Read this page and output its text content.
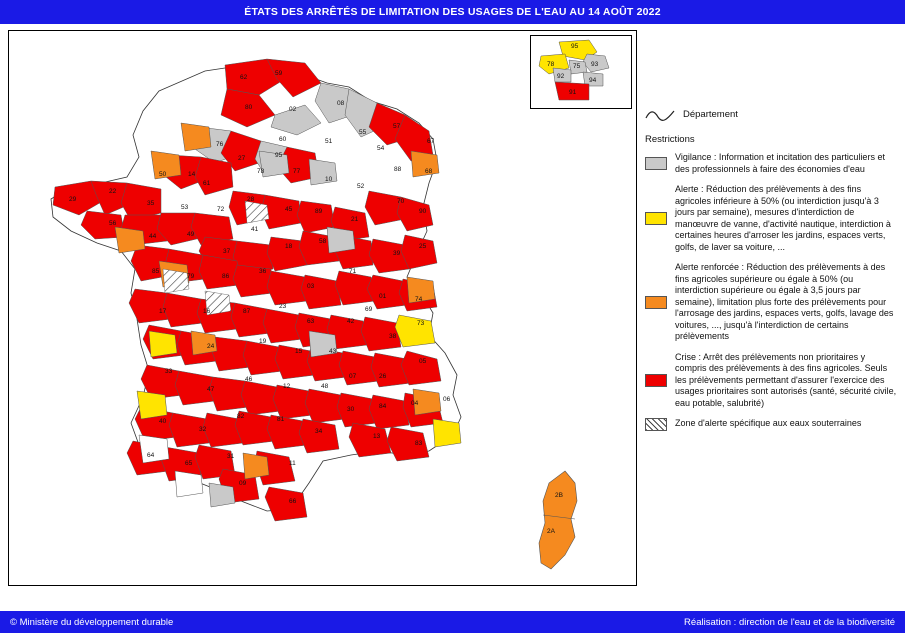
ÉTATS DES ARRÊTÉS DE LIMITATION DES USAGES DE L'EAU AU 14 AOÛT 2022
62
59
80	02
08
76
60	51
55
57
67
95
27
14
50
61
78	77
10
52
88	68
54
22
29
35
53	72
28
45	89
21
70
90
56
44	49
41
37
18
58
25
39
85
79	86
36
03
71
01
17	16	87
23
63	42
69
74
73
38
24
19
15	43
07	26
05
33
47
46
12	48
30	84	04
06
40
32
82	81
34
13
83
64
65
31
09
11
66
2B
2A
95
78	93
75
92
94
91
Département
Restrictions
Vigilance : Information et incitation des particuliers et des professionnels à faire des économies d'eau
Alerte : Réduction des prélèvements à des fins agricoles inférieure à 50% (ou interdiction jusqu'à 3 jours par semaine), mesures d'interdiction de manœuvre de vanne, d'activité nautique, interdiction à certaines heures d'arroser les jardins, espaces verts, golfs, de laver sa voiture, ...
Alerte renforcée : Réduction des prélèvements à des fins agricoles supérieure ou égale à 50% (ou interdiction supérieure ou égale à 3,5 jours par semaine), limitation plus forte des prélèvements pour l'arrosage des jardins, espaces verts, golfs, lavage des voitures, ..., jusqu'à l'interdiction de certains prélèvements
Crise : Arrêt des prélèvements non prioritaires y compris des prélèvements à des fins agricoles. Seuls les prélèvements permettant d'assurer l'exercice des usages prioritaires sont autorisés (santé, sécurité civile, eau potable, salubrité)
Zone d'alerte spécifique aux eaux souterraines
© Ministère du développement durable	Réalisation : direction de l'eau et de la biodiversité
